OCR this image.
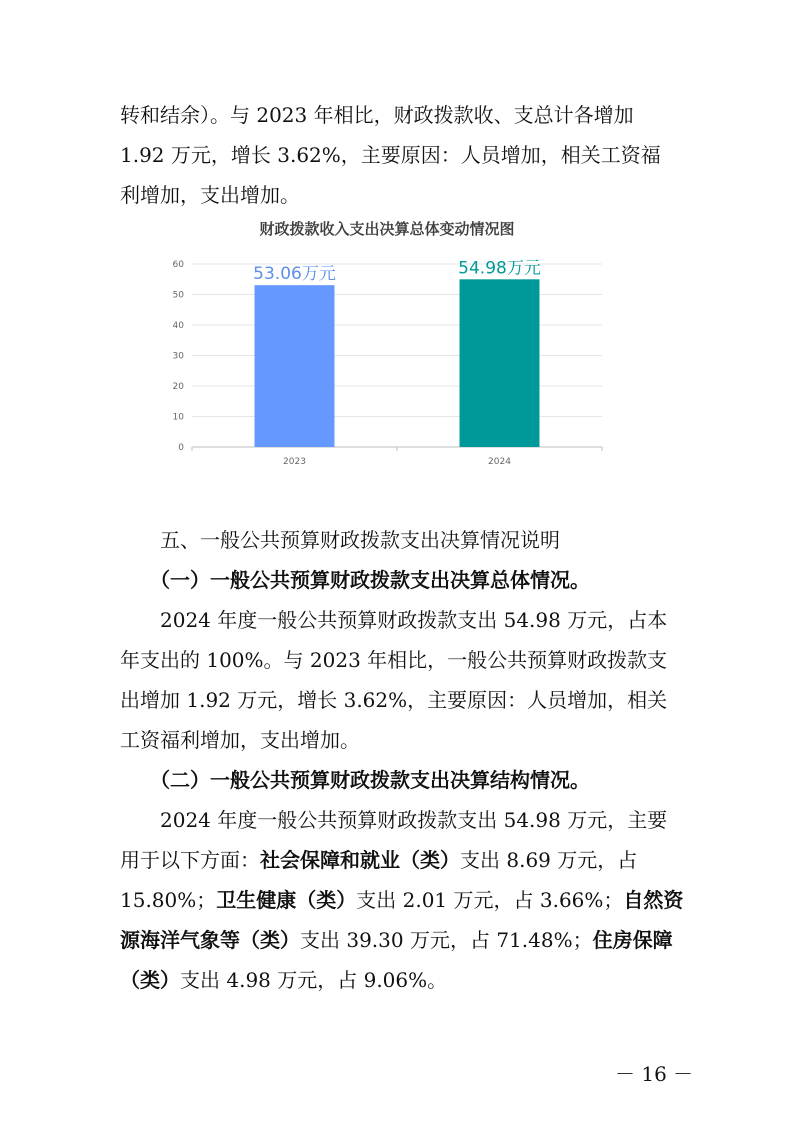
转和结余）。与 2023 年相比，财政拨款收、支总计各增加
1.92 万元，增长 3.62%，主要原因：人员增加，相关工资福
利增加，支出增加。
财政拨款收入支出决算总体变动情况图
0
10
20
30
40
50
60	53.06万元
2023
54.98万元
2024
五、一般公共预算财政拨款支出决算情况说明
（一）一般公共预算财政拨款支出决算总体情况。
2024 年度一般公共预算财政拨款支出 54.98 万元，占本
年支出的 100%。与 2023 年相比，一般公共预算财政拨款支
出增加 1.92 万元，增长 3.62%，主要原因：人员增加，相关
工资福利增加，支出增加。
（二）一般公共预算财政拨款支出决算结构情况。
2024 年度一般公共预算财政拨款支出 54.98 万元，主要
用于以下方面：社会保障和就业（类）支出 8.69 万元，占
15.80%；卫生健康（类）支出 2.01 万元，占 3.66%；自然资
源海洋气象等（类）支出 39.30 万元，占 71.48%；住房保障
（类）支出 4.98 万元，占 9.06%。
－ 16 －
